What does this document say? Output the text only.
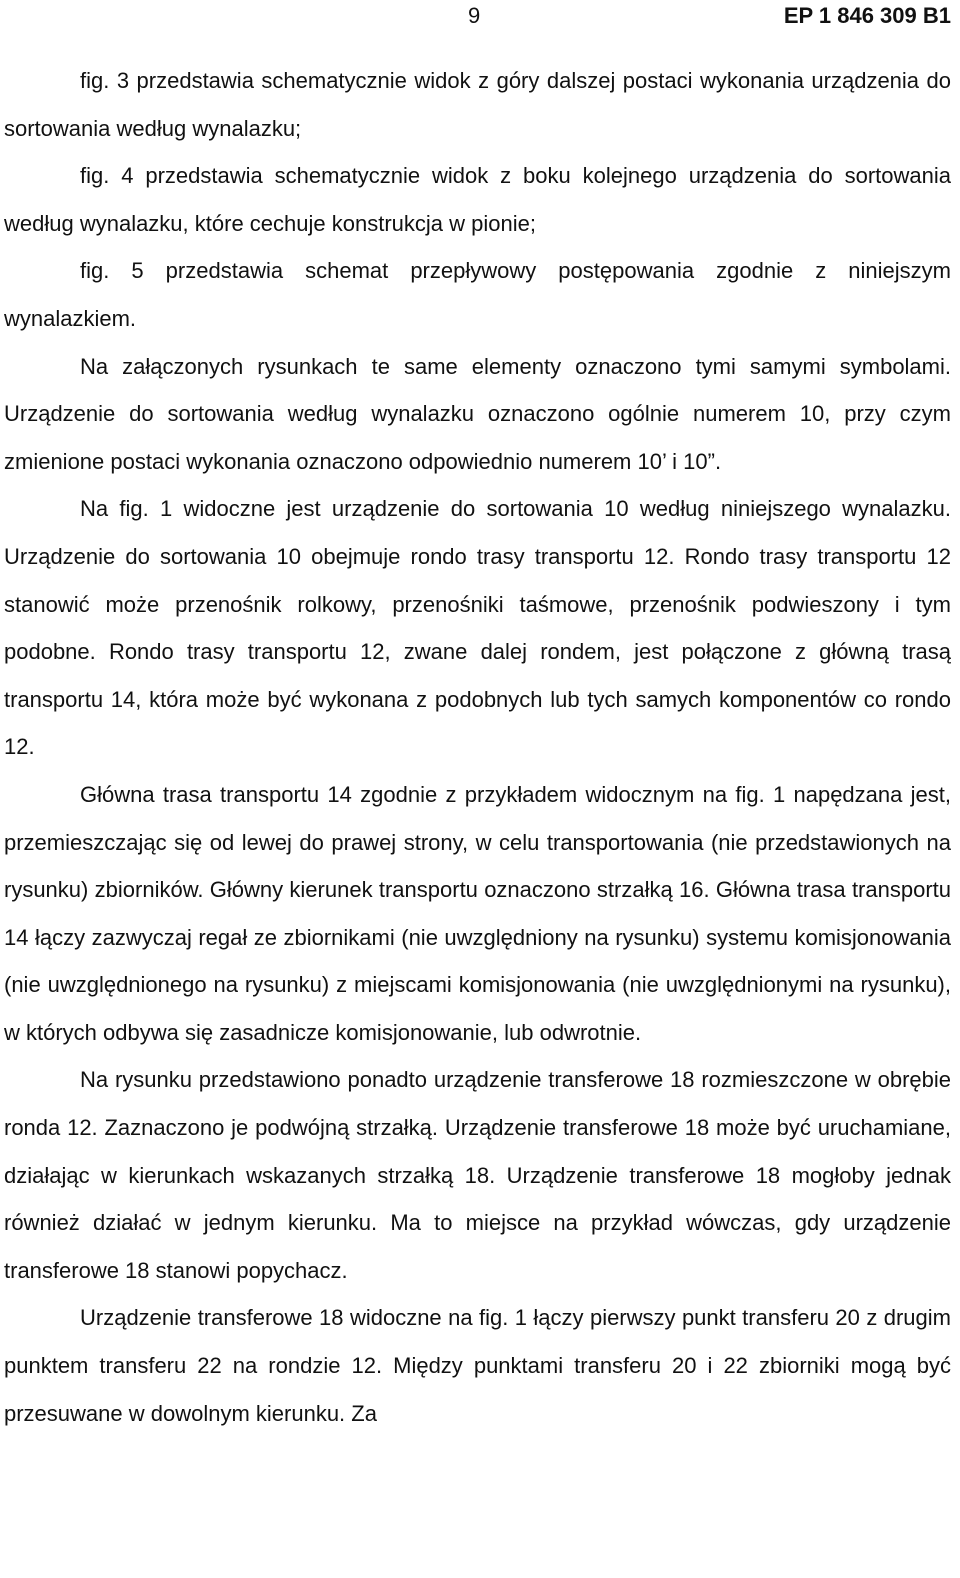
9	EP 1 846 309 B1

fig. 3 przedstawia schematycznie widok z góry dalszej postaci wykonania urządzenia do sortowania według wynalazku;

fig. 4 przedstawia schematycznie widok z boku kolejnego urządzenia do sortowania według wynalazku, które cechuje konstrukcja w pionie;

fig. 5 przedstawia schemat przepływowy postępowania zgodnie z niniejszym wynalazkiem.

Na załączonych rysunkach te same elementy oznaczono tymi samymi symbolami. Urządzenie do sortowania według wynalazku oznaczono ogólnie numerem 10, przy czym zmienione postaci wykonania oznaczono odpowiednio numerem 10’ i 10”.

Na fig. 1 widoczne jest urządzenie do sortowania 10 według niniejszego wynalazku. Urządzenie do sortowania 10 obejmuje rondo trasy transportu 12. Rondo trasy transportu 12 stanowić może przenośnik rolkowy, przenośniki taśmowe, przenośnik podwieszony i tym podobne. Rondo trasy transportu 12, zwane dalej rondem, jest połączone z główną trasą transportu 14, która może być wykonana z podobnych lub tych samych komponentów co rondo 12.

Główna trasa transportu 14 zgodnie z przykładem widocznym na fig. 1 napędzana jest, przemieszczając się od lewej do prawej strony, w celu transportowania (nie przedstawionych na rysunku) zbiorników. Główny kierunek transportu oznaczono strzałką 16. Główna trasa transportu 14 łączy zazwyczaj regał ze zbiornikami (nie uwzględniony na rysunku) systemu komisjonowania (nie uwzględnionego na rysunku) z miejscami komisjonowania (nie uwzględnionymi na rysunku), w których odbywa się zasadnicze komisjonowanie, lub odwrotnie.

Na rysunku przedstawiono ponadto urządzenie transferowe 18 rozmieszczone w obrębie ronda 12. Zaznaczono je podwójną strzałką. Urządzenie transferowe 18 może być uruchamiane, działając w kierunkach wskazanych strzałką 18. Urządzenie transferowe 18 mogłoby jednak również działać w jednym kierunku. Ma to miejsce na przykład wówczas, gdy urządzenie transferowe 18 stanowi popychacz.

Urządzenie transferowe 18 widoczne na fig. 1 łączy pierwszy punkt transferu 20 z drugim punktem transferu 22 na rondzie 12. Między punktami transferu 20 i 22 zbiorniki mogą być przesuwane w dowolnym kierunku. Za
